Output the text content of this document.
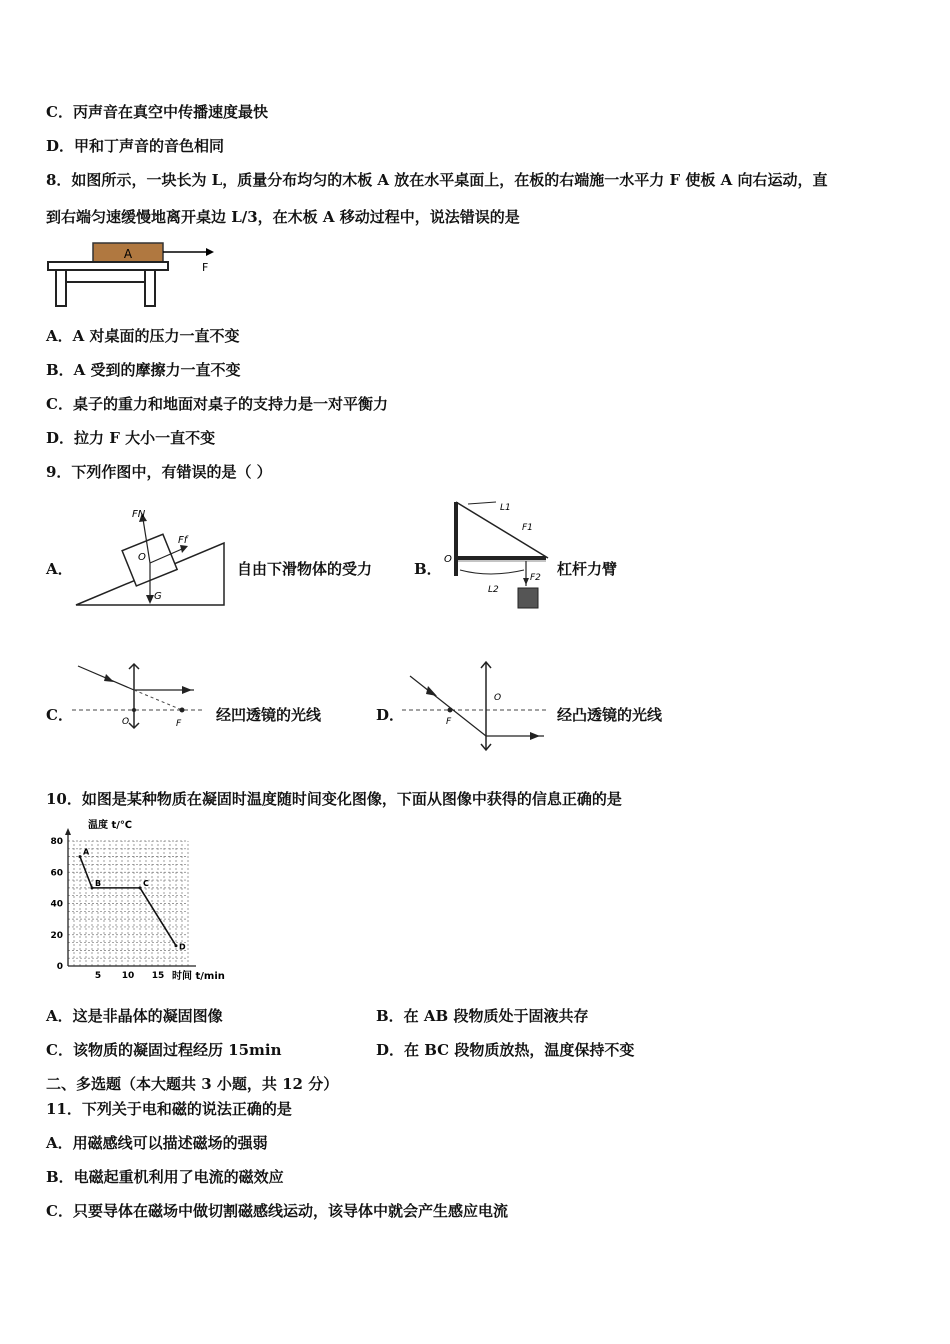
C．丙声音在真空中传播速度最快
D．甲和丁声音的音色相同
8．如图所示，一块长为 L，质量分布均匀的木板 A 放在水平桌面上，在板的右端施一水平力 F 使板 A 向右运动，直
到右端匀速缓慢地离开桌边 L/3，在木板 A 移动过程中，说法错误的是
A
F
A．A 对桌面的压力一直不变
B．A 受到的摩擦力一直不变
C．桌子的重力和地面对桌子的支持力是一对平衡力
D．拉力 F 大小一直不变
9．下列作图中，有错误的是（ ）
A．
FN
Ff
G
O
自由下滑物体的受力	B．
L1
F1
O
F2
L2
杠杆力臂
C．	O	F 经凹透镜的光线	D．	F
O
经凸透镜的光线
10．如图是某种物质在凝固时温度随时间变化图像，下面从图像中获得的信息正确的是
5 10 15
0
20
40
60
80
A
B	C
D
温度 t/℃
时间 t/min
A．这是非晶体的凝固图像	B．在 AB 段物质处于固液共存
C．该物质的凝固过程经历 15min	D．在 BC 段物质放热，温度保持不变
二、多选题（本大题共 3 小题，共 12 分）
11．下列关于电和磁的说法正确的是
A．用磁感线可以描述磁场的强弱
B．电磁起重机利用了电流的磁效应
C．只要导体在磁场中做切割磁感线运动，该导体中就会产生感应电流
